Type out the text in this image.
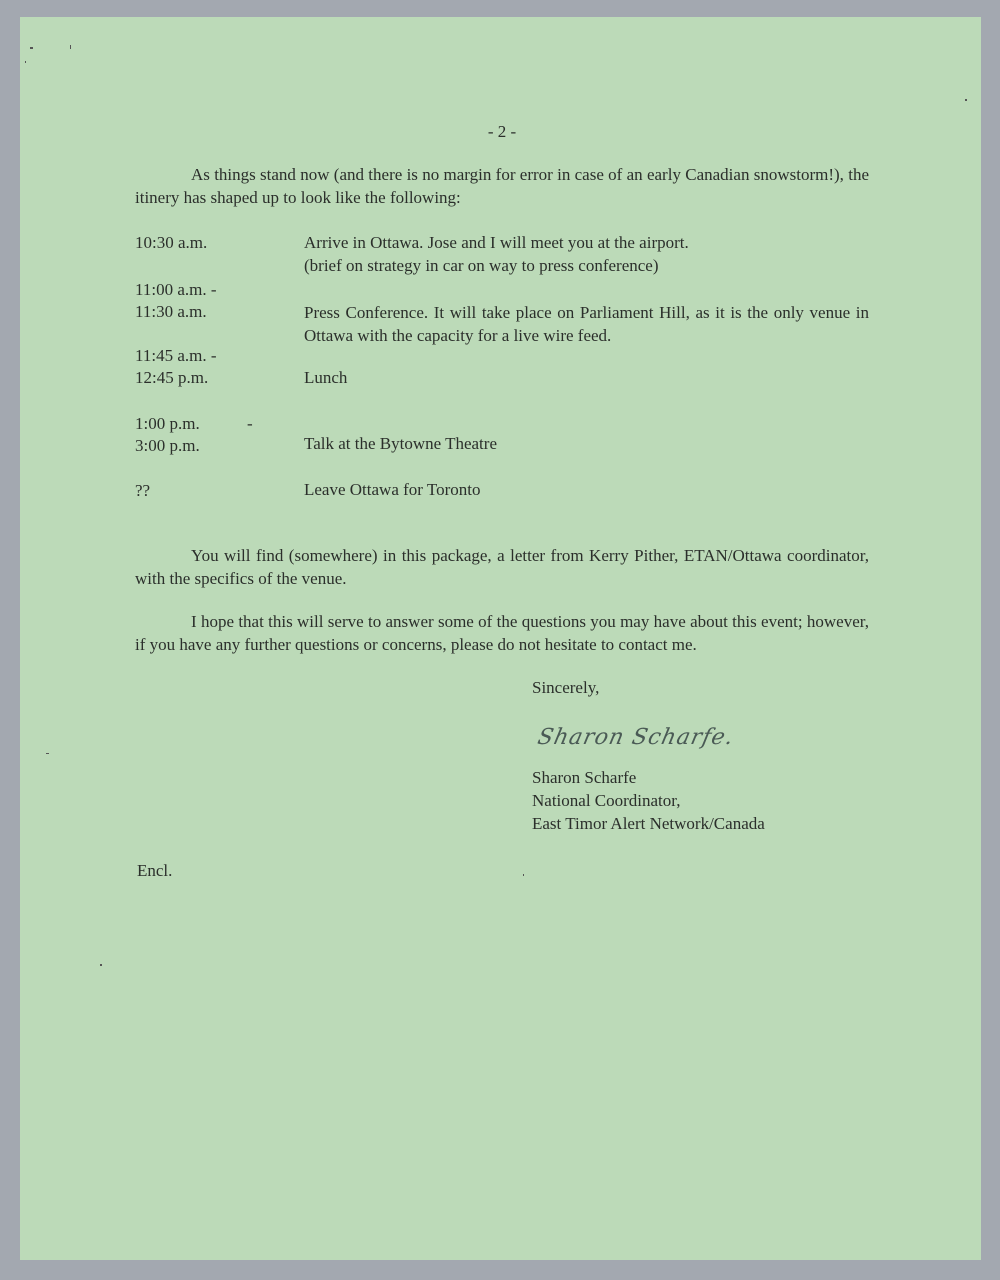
- 2 -
As things stand now (and there is no margin for error in case of an early Canadian snowstorm!), the itinery has shaped up to look like the following:
10:30 a.m.	Arrive in Ottawa. Jose and I will meet you at the airport.
(brief on strategy in car on way to press conference)
11:00 a.m. -
11:30 a.m.	Press Conference. It will take place on Parliament Hill, as it is the only venue in Ottawa with the capacity for a live wire feed.
11:45 a.m. -
12:45 p.m.	Lunch
1:00 p.m.	-
3:00 p.m.	Talk at the Bytowne Theatre
??	Leave Ottawa for Toronto
You will find (somewhere) in this package, a letter from Kerry Pither, ETAN/Ottawa coordinator, with the specifics of the venue.
I hope that this will serve to answer some of the questions you may have about this event; however, if you have any further questions or concerns, please do not hesitate to contact me.
Sincerely,
Sharon Scharfe.
Sharon Scharfe
National Coordinator,
East Timor Alert Network/Canada
Encl.
